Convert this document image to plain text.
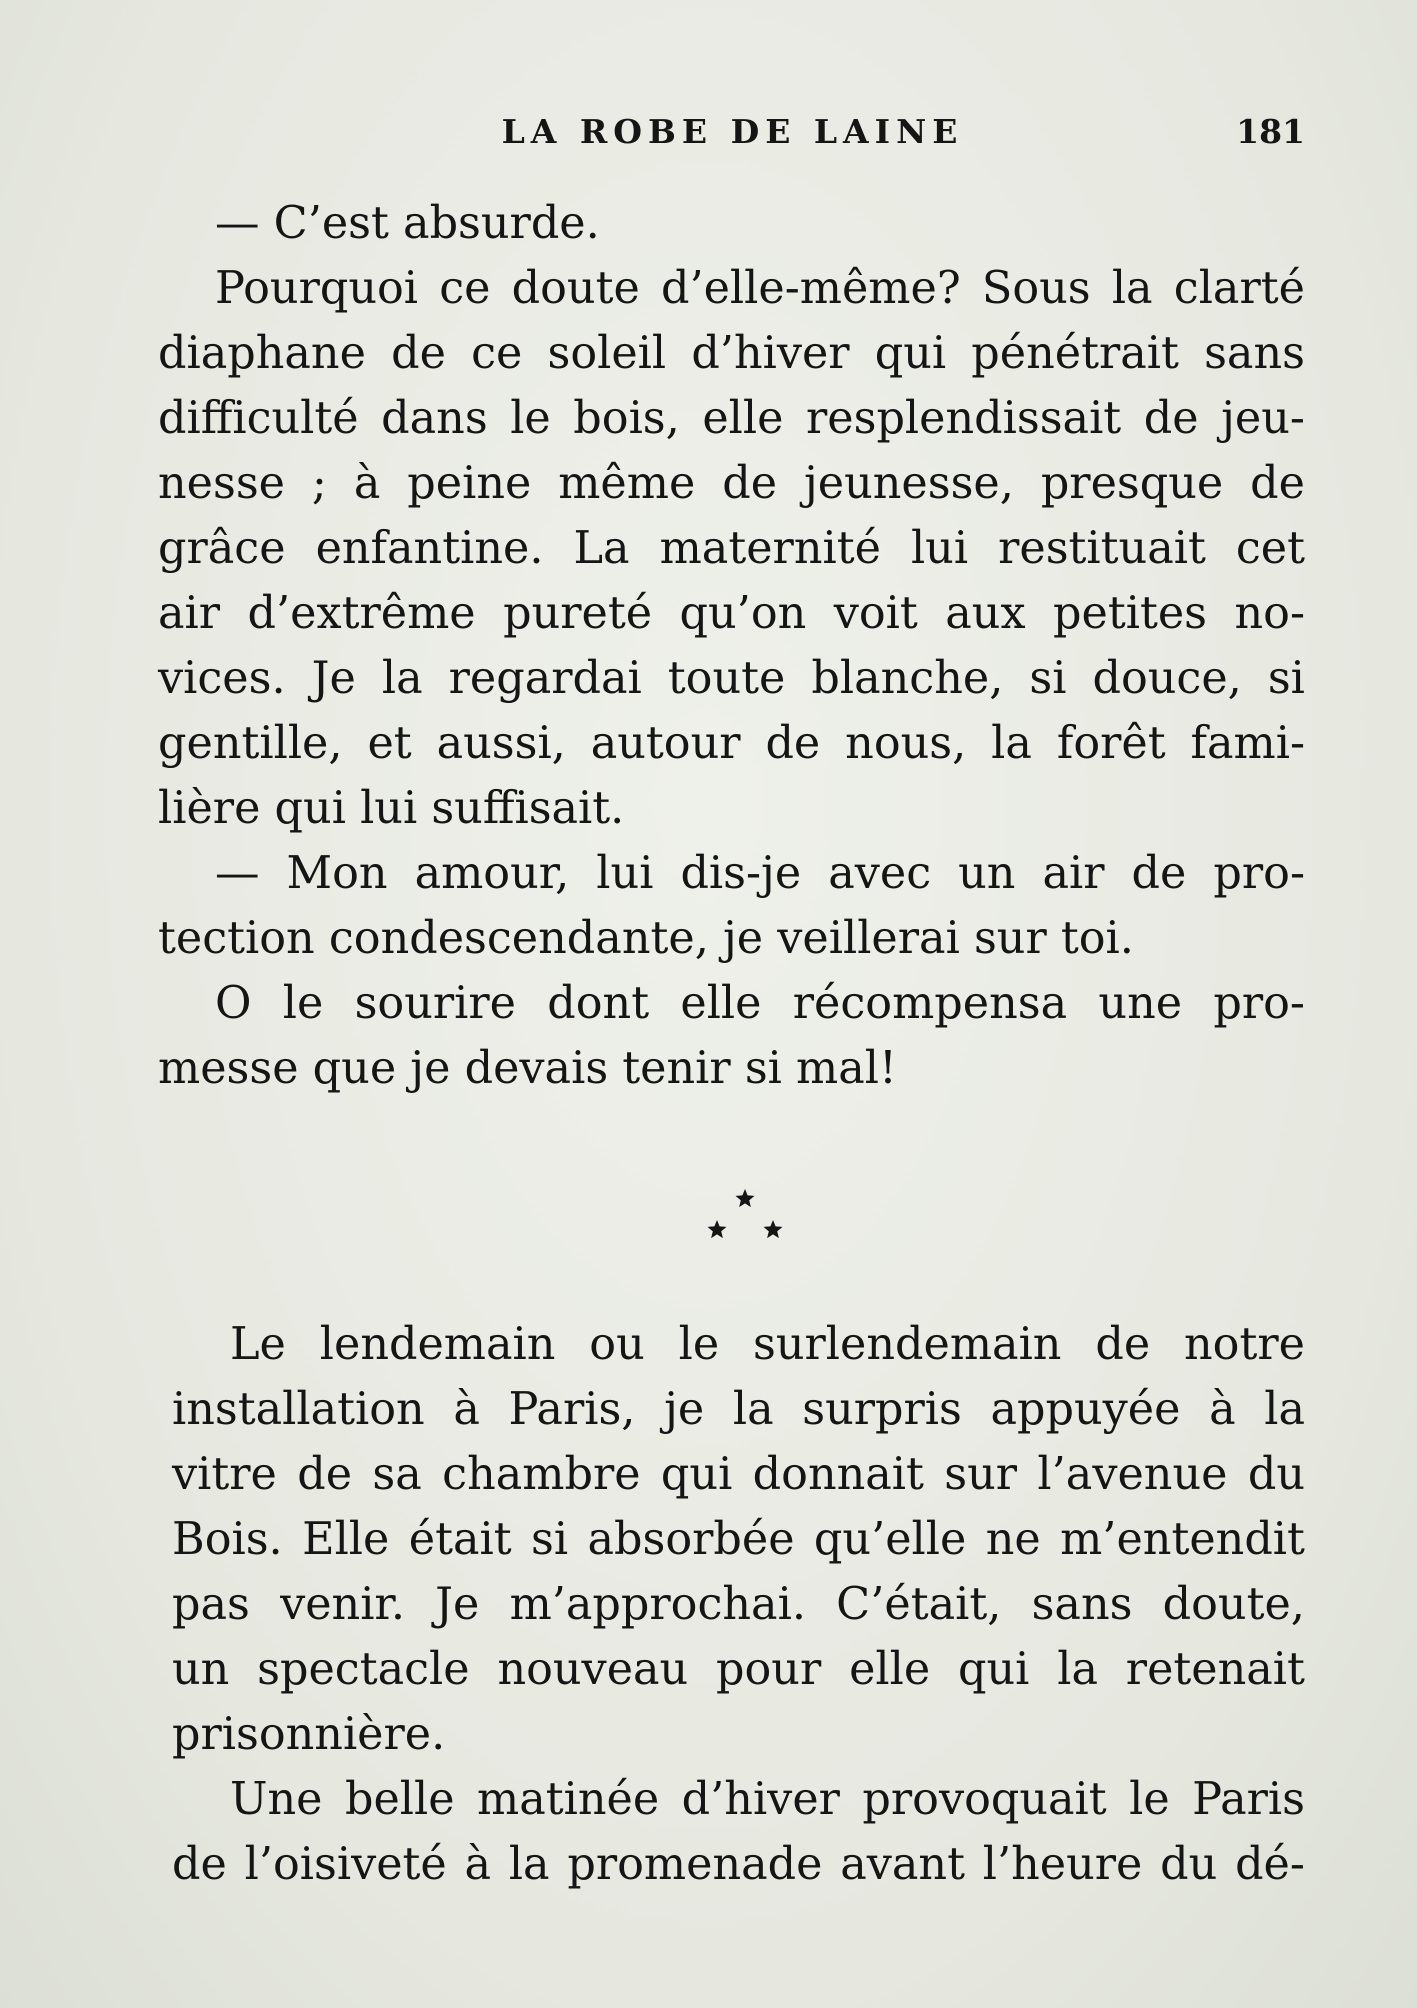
LA ROBE DE LAINE	181
— C’est absurde.
Pourquoi ce doute d’elle-même? Sous la clarté
diaphane de ce soleil d’hiver qui pénétrait sans
difficulté dans le bois, elle resplendissait de jeu-
nesse ; à peine même de jeunesse, presque de
grâce enfantine. La maternité lui restituait cet
air d’extrême pureté qu’on voit aux petites no-
vices. Je la regardai toute blanche, si douce, si
gentille, et aussi, autour de nous, la forêt fami-
lière qui lui suffisait.
— Mon amour, lui dis-je avec un air de pro-
tection condescendante, je veillerai sur toi.
O le sourire dont elle récompensa une pro-
messe que je devais tenir si mal!
Le lendemain ou le surlendemain de notre
installation à Paris, je la surpris appuyée à la
vitre de sa chambre qui donnait sur l’avenue du
Bois. Elle était si absorbée qu’elle ne m’entendit
pas venir. Je m’approchai. C’était, sans doute,
un spectacle nouveau pour elle qui la retenait
prisonnière.
Une belle matinée d’hiver provoquait le Paris
de l’oisiveté à la promenade avant l’heure du dé-
